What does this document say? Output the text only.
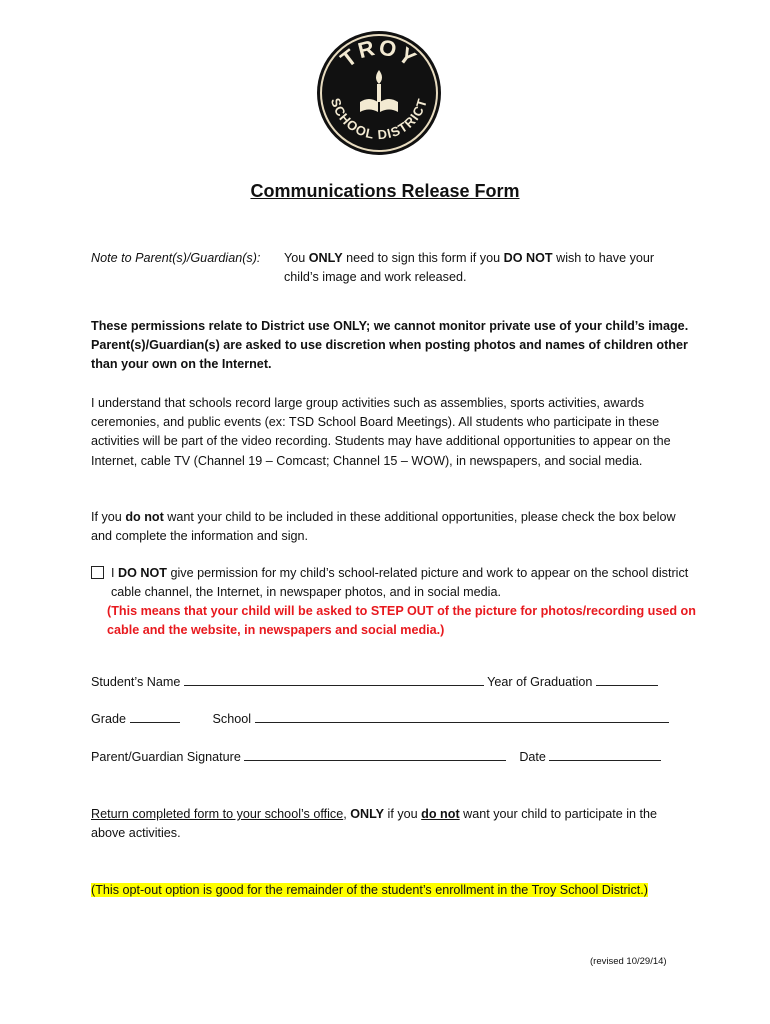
TROY
SCHOOL DISTRICT
Communications Release Form
Note to Parent(s)/Guardian(s): You ONLY need to sign this form if you DO NOT wish to have your child’s image and work released.

These permissions relate to District use ONLY; we cannot monitor private use of your child’s image. Parent(s)/Guardian(s) are asked to use discretion when posting photos and names of children other than your own on the Internet.

I understand that schools record large group activities such as assemblies, sports activities, awards ceremonies, and public events (ex: TSD School Board Meetings). All students who participate in these activities will be part of the video recording. Students may have additional opportunities to appear on the Internet, cable TV (Channel 19 – Comcast; Channel 15 – WOW), in newspapers, and social media.

If you do not want your child to be included in these additional opportunities, please check the box below and complete the information and sign.

I DO NOT give permission for my child’s school-related picture and work to appear on the school district cable channel, the Internet, in newspaper photos, and in social media.

(This means that your child will be asked to STEP OUT of the picture for photos/recording used on cable and the website, in newspapers and social media.)

Student’s Name	Year of Graduation
Grade	School
Parent/Guardian Signature	Date

Return completed form to your school’s office, ONLY if you do not want your child to participate in the above activities.

(This opt-out option is good for the remainder of the student’s enrollment in the Troy School District.)

(revised 10/29/14)
